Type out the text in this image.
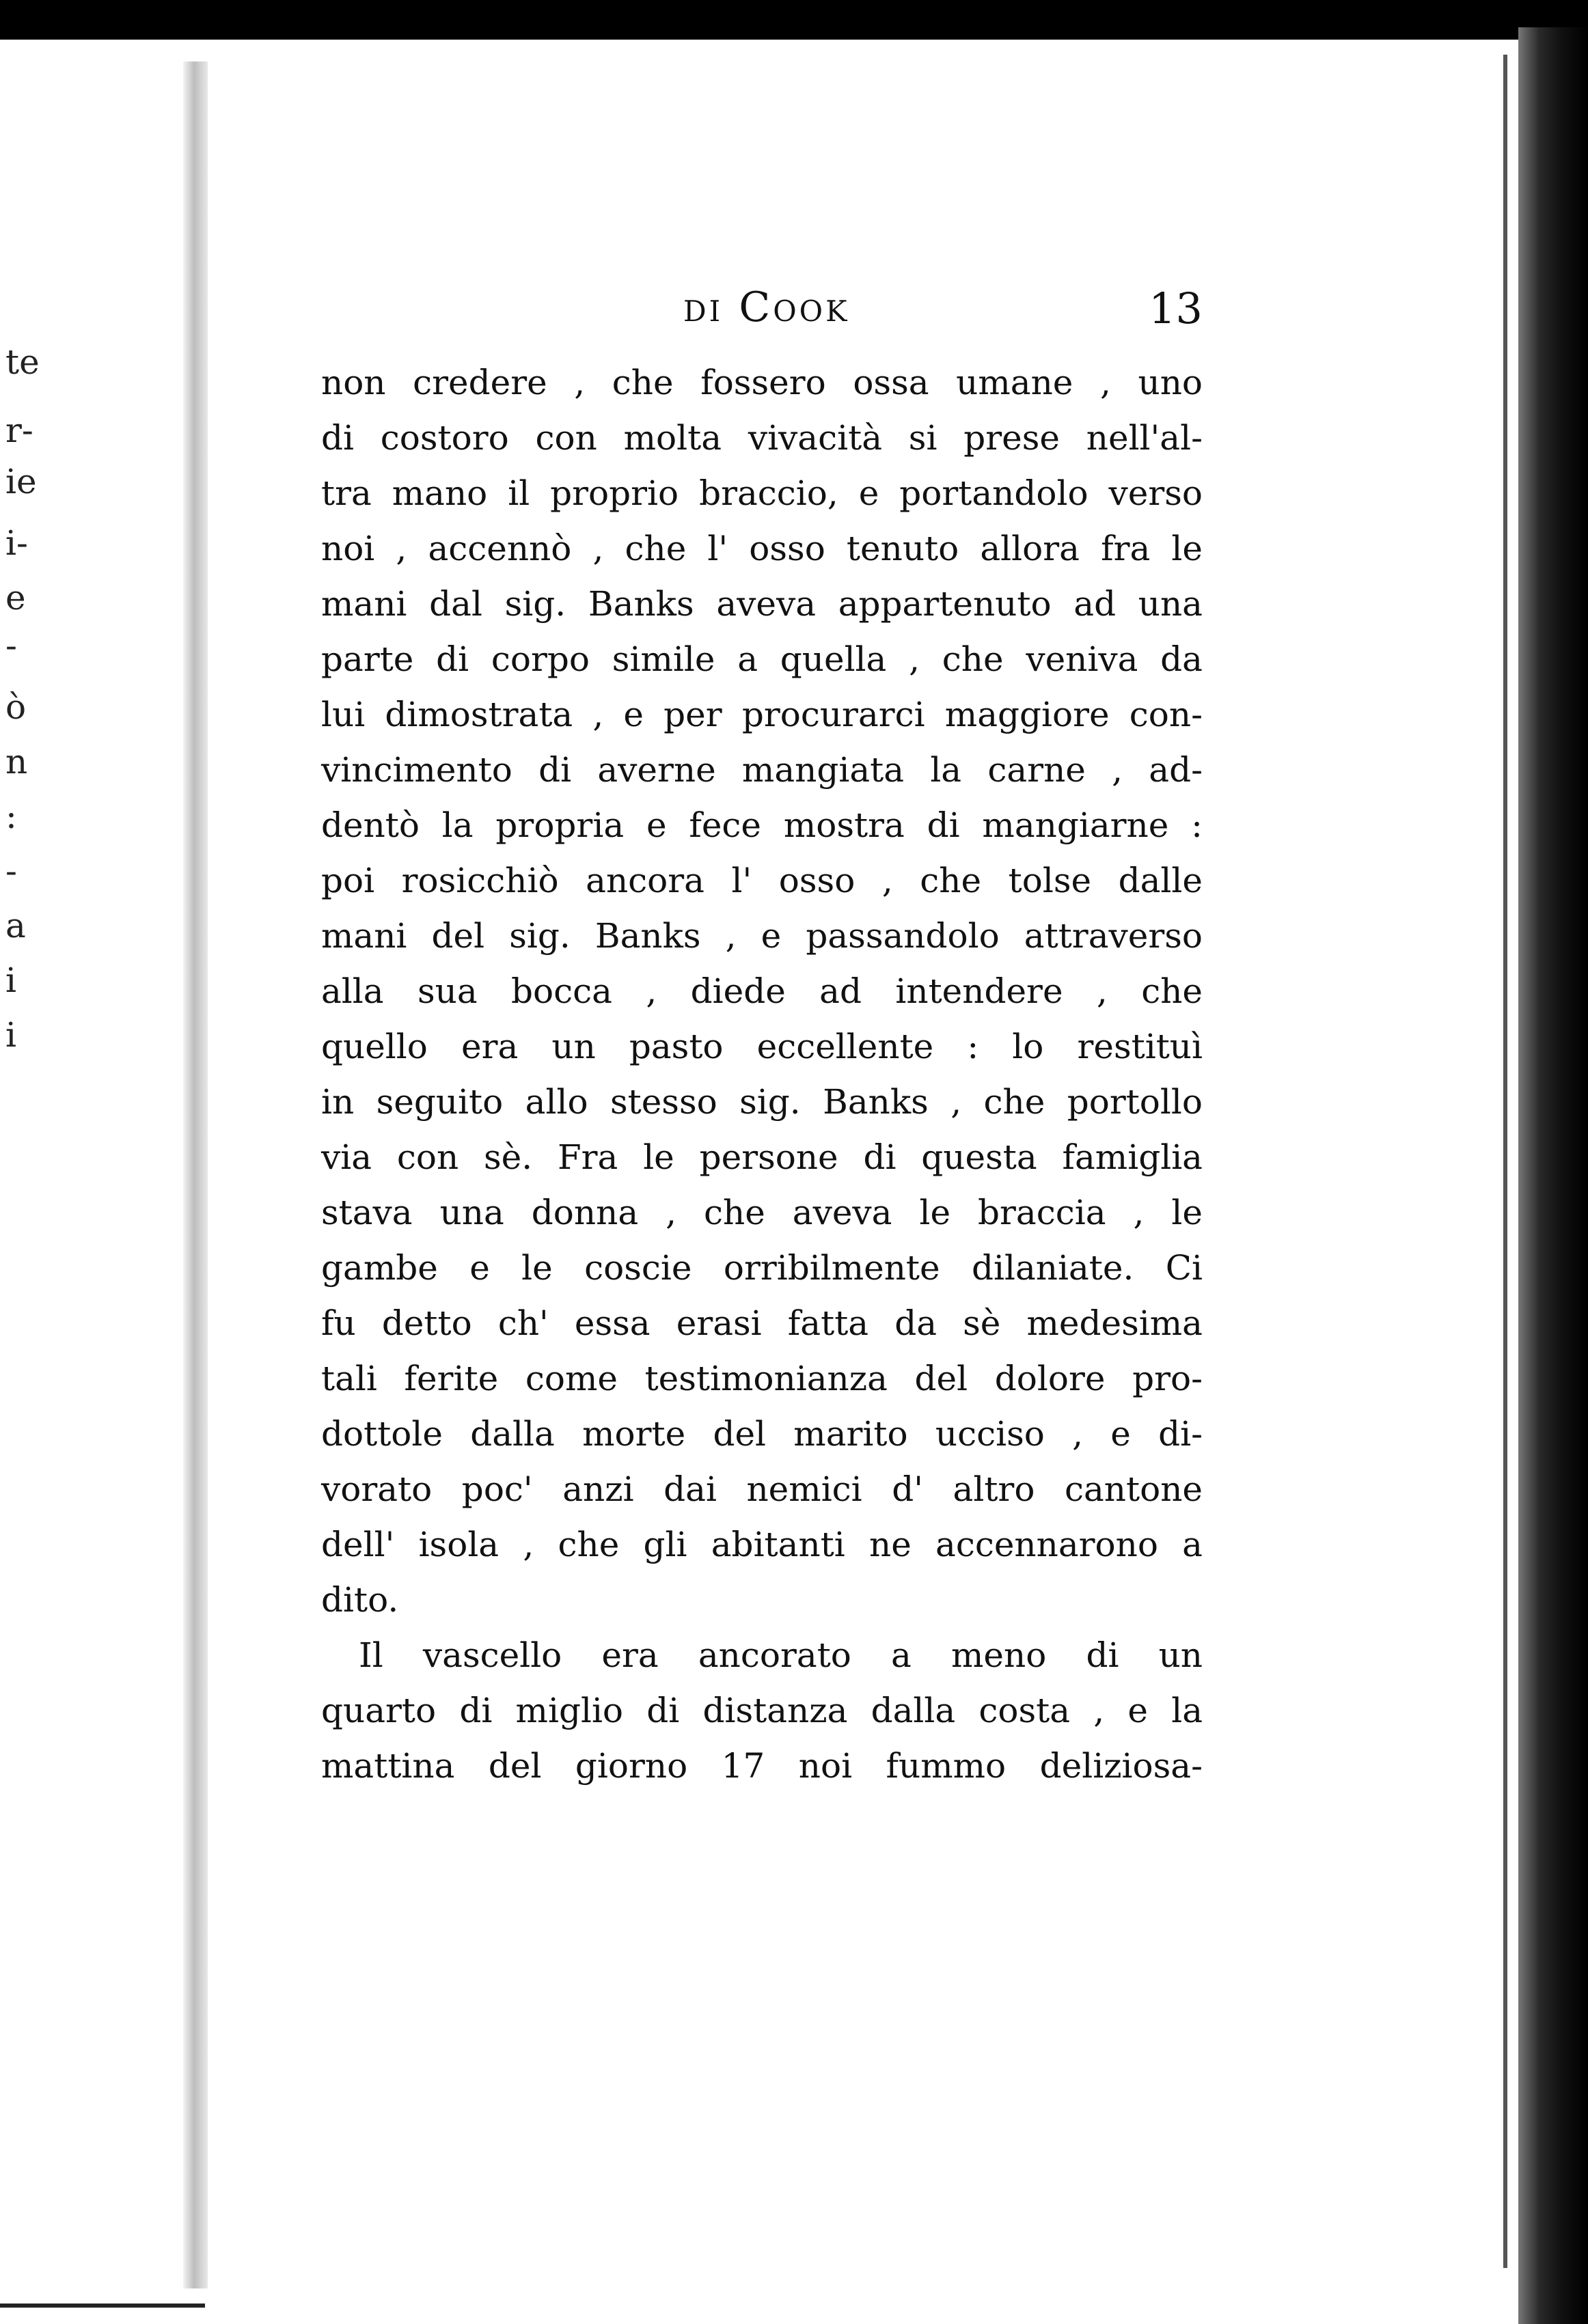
te
r-
ie
i-
e
-
ò
n
:
-
a
i
i
di Cook	13
non credere , che fossero ossa umane , uno
di costoro con molta vivacità si prese nell'al-
tra mano il proprio braccio, e portandolo verso
noi , accennò , che l' osso tenuto allora fra le
mani dal sig. Banks aveva appartenuto ad una
parte di corpo simile a quella , che veniva da
lui dimostrata , e per procurarci maggiore con-
vincimento di averne mangiata la carne , ad-
dentò la propria e fece mostra di mangiarne :
poi rosicchiò ancora l' osso , che tolse dalle
mani del sig. Banks , e passandolo attraverso
alla sua bocca , diede ad intendere , che
quello era un pasto eccellente : lo restituì
in seguito allo stesso sig. Banks , che portollo
via con sè. Fra le persone di questa famiglia
stava una donna , che aveva le braccia , le
gambe e le coscie orribilmente dilaniate. Ci
fu detto ch' essa erasi fatta da sè medesima
tali ferite come testimonianza del dolore pro-
dottole dalla morte del marito ucciso , e di-
vorato poc' anzi dai nemici d' altro cantone
dell' isola , che gli abitanti ne accennarono a
dito.
Il vascello era ancorato a meno di un
quarto di miglio di distanza dalla costa , e la
mattina del giorno 17 noi fummo deliziosa-
